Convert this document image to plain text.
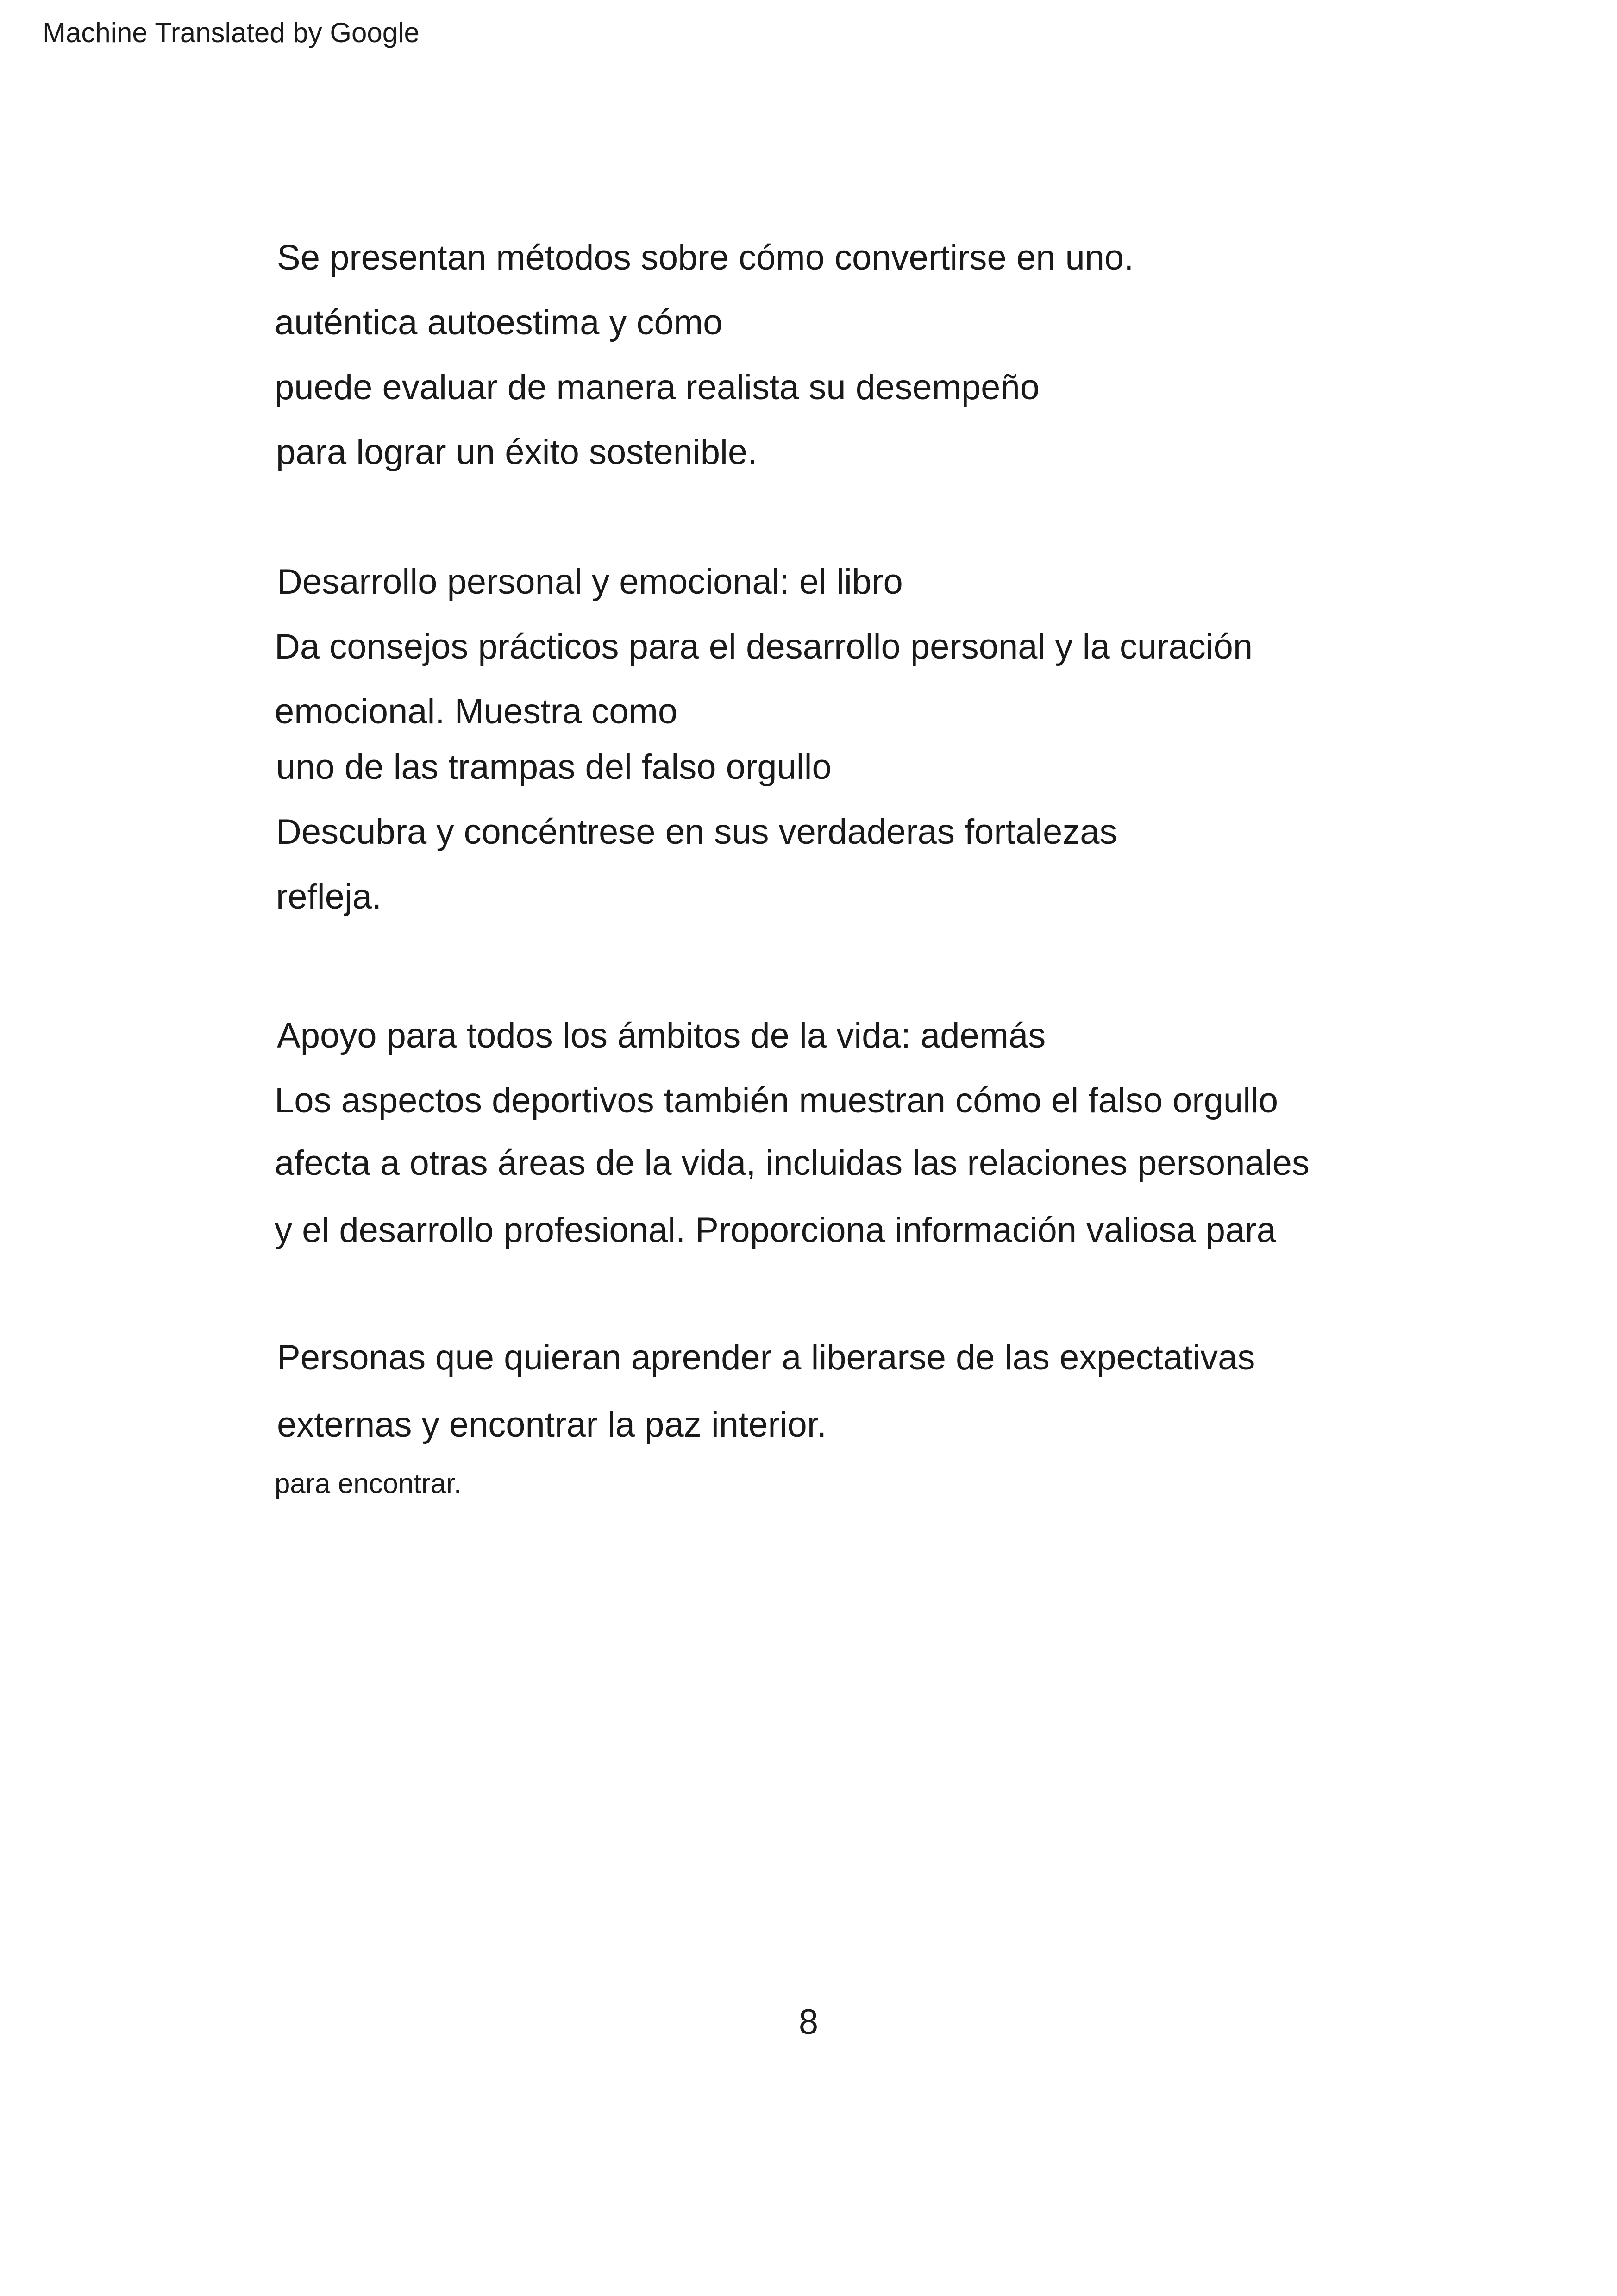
Machine Translated by Google
Se presentan métodos sobre cómo convertirse en uno.
auténtica autoestima y cómo
puede evaluar de manera realista su desempeño
para lograr un éxito sostenible.
Desarrollo personal y emocional: el libro
Da consejos prácticos para el desarrollo personal y la curación
emocional. Muestra como
uno de las trampas del falso orgullo
Descubra y concéntrese en sus verdaderas fortalezas
refleja.
Apoyo para todos los ámbitos de la vida: además
Los aspectos deportivos también muestran cómo el falso orgullo
afecta a otras áreas de la vida, incluidas las relaciones personales
y el desarrollo profesional. Proporciona información valiosa para
Personas que quieran aprender a liberarse de las expectativas
externas y encontrar la paz interior.
para encontrar.
8
